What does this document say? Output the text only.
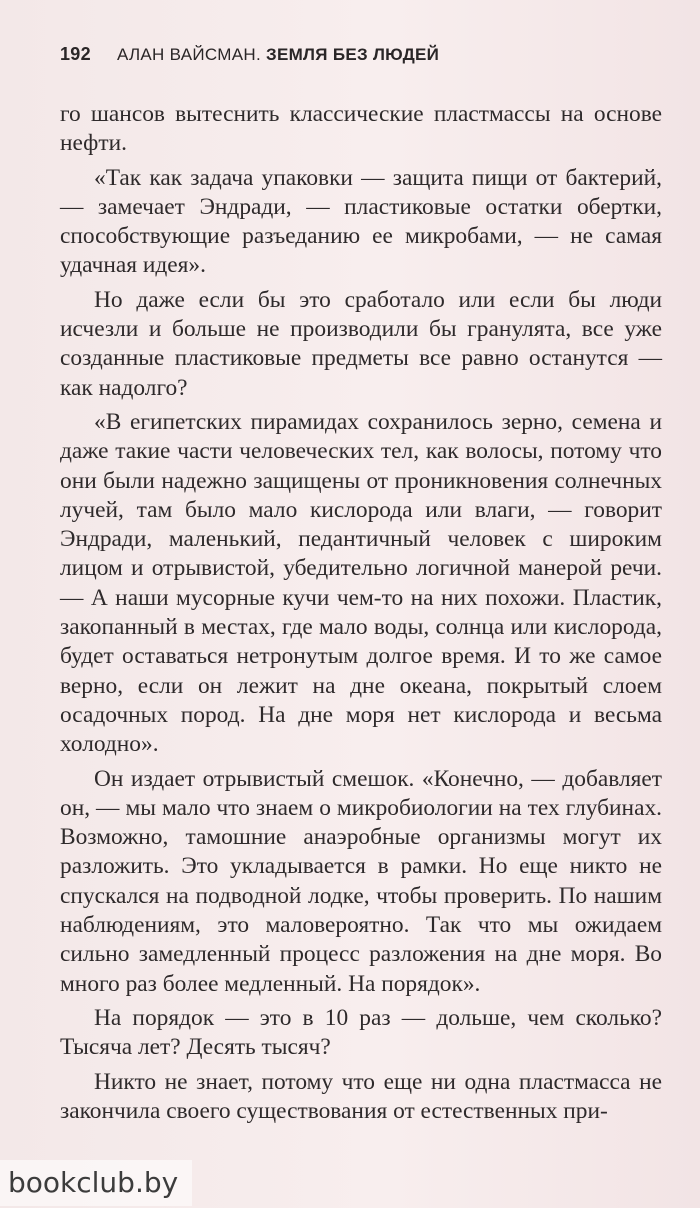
192 АЛАН ВАЙСМАН. ЗЕМЛЯ БЕЗ ЛЮДЕЙ

го шансов вытеснить классические пластмассы на основе нефти.

«Так как задача упаковки — защита пищи от бактерий, — замечает Эндради, — пластиковые остатки обертки, способствующие разъеданию ее микробами, — не самая удачная идея».

Но даже если бы это сработало или если бы люди исчезли и больше не производили бы гранулята, все уже созданные пластиковые предметы все равно останутся — как надолго?

«В египетских пирамидах сохранилось зерно, семена и даже такие части человеческих тел, как волосы, потому что они были надежно защищены от проникновения солнечных лучей, там было мало кислорода или влаги, — говорит Эндради, маленький, педантичный человек с широким лицом и отрывистой, убедительно логичной манерой речи. — А наши мусорные кучи чем-то на них похожи. Пластик, закопанный в местах, где мало воды, солнца или кислорода, будет оставаться нетронутым долгое время. И то же самое верно, если он лежит на дне океана, покрытый слоем осадочных пород. На дне моря нет кислорода и весьма холодно».

Он издает отрывистый смешок. «Конечно, — добавляет он, — мы мало что знаем о микробиологии на тех глубинах. Возможно, тамошние анаэробные организмы могут их разложить. Это укладывается в рамки. Но еще никто не спускался на подводной лодке, чтобы проверить. По нашим наблюдениям, это маловероятно. Так что мы ожидаем сильно замедленный процесс разложения на дне моря. Во много раз более медленный. На порядок».

На порядок — это в 10 раз — дольше, чем сколько? Тысяча лет? Десять тысяч?

Никто не знает, потому что еще ни одна пластмасса не закончила своего существования от естественных при-

bookclub.by
